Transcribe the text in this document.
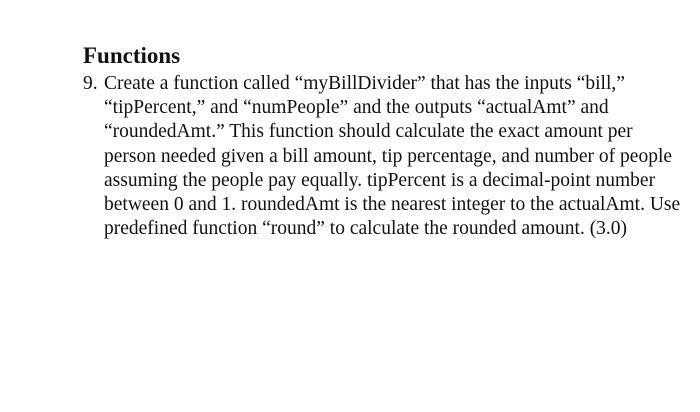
Functions
9. Create a function called “myBillDivider” that has the inputs “bill,” “tipPercent,” and “numPeople” and the outputs “actualAmt” and “roundedAmt.” This function should calculate the exact amount per person needed given a bill amount, tip percentage, and number of people assuming the people pay equally. tipPercent is a decimal-point number between 0 and 1. roundedAmt is the nearest integer to the actualAmt. Use predefined function “round” to calculate the rounded amount. (3.0)
